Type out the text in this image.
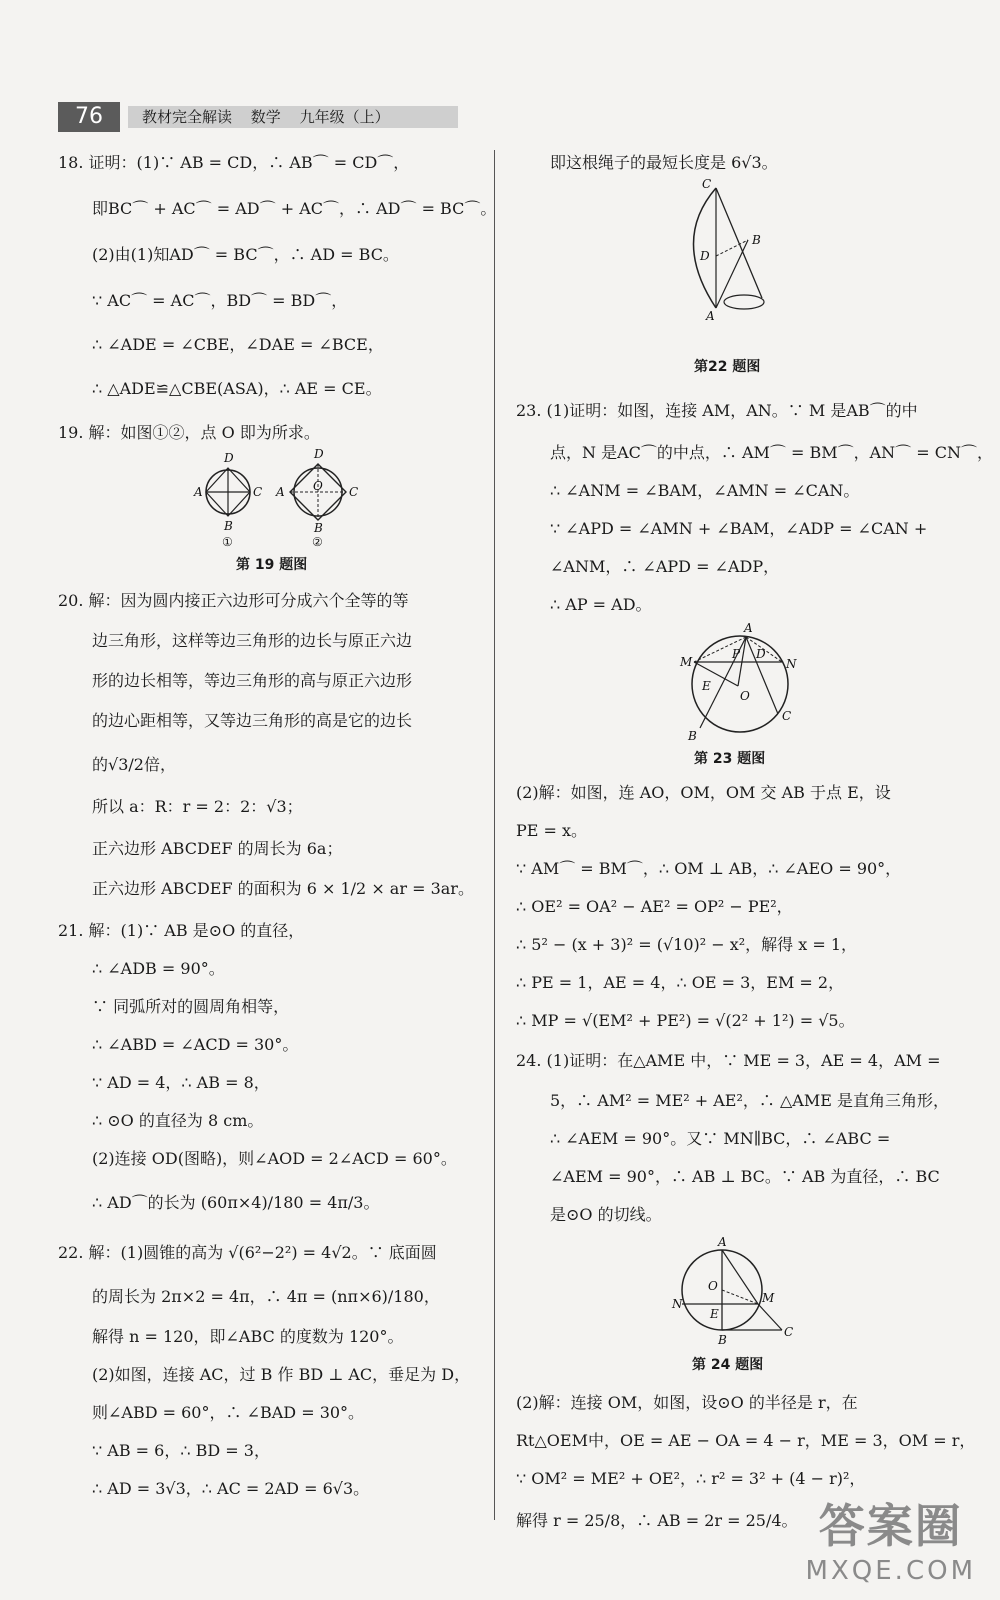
76	教材完全解读 数学 九年级（上）
18. 证明：(1)∵ AB = CD，∴ AB⌒ = CD⌒，
即BC⌒ + AC⌒ = AD⌒ + AC⌒，∴ AD⌒ = BC⌒。
(2)由(1)知AD⌒ = BC⌒，∴ AD = BC。
∵ AC⌒ = AC⌒，BD⌒ = BD⌒，
∴ ∠ADE = ∠CBE，∠DAE = ∠BCE，
∴ △ADE≌△CBE(ASA)，∴ AE = CE。
19. 解：如图①②，点 O 即为所求。
D
A	C
B
①
D
A O C
B
②
第 19 题图
20. 解：因为圆内接正六边形可分成六个全等的等
边三角形，这样等边三角形的边长与原正六边
形的边长相等，等边三角形的高与原正六边形
的边心距相等，又等边三角形的高是它的边长
的√3/2倍，
所以 a：R：r = 2：2：√3；
正六边形 ABCDEF 的周长为 6a；
正六边形 ABCDEF 的面积为 6 × 1/2 × ar = 3ar。
21. 解：(1)∵ AB 是⊙O 的直径，
∴ ∠ADB = 90°。
∵ 同弧所对的圆周角相等，
∴ ∠ABD = ∠ACD = 30°。
∵ AD = 4，∴ AB = 8，
∴ ⊙O 的直径为 8 cm。
(2)连接 OD(图略)，则∠AOD = 2∠ACD = 60°。
∴ AD⌒的长为 (60π×4)/180 = 4π/3。
22. 解：(1)圆锥的高为 √(6²−2²) = 4√2。∵ 底面圆
的周长为 2π×2 = 4π，∴ 4π = (nπ×6)/180，
解得 n = 120，即∠ABC 的度数为 120°。
(2)如图，连接 AC，过 B 作 BD ⊥ AC，垂足为 D，
则∠ABD = 60°，∴ ∠BAD = 30°。
∵ AB = 6，∴ BD = 3，
∴ AD = 3√3，∴ AC = 2AD = 6√3。
即这根绳子的最短长度是 6√3。
C
D
B
A
第22 题图
23. (1)证明：如图，连接 AM，AN。∵ M 是AB⌒的中
点，N 是AC⌒的中点，∴ AM⌒ = BM⌒，AN⌒ = CN⌒，
∴ ∠ANM = ∠BAM，∠AMN = ∠CAN。
∵ ∠APD = ∠AMN + ∠BAM，∠ADP = ∠CAN +
∠ANM，∴ ∠APD = ∠ADP，
∴ AP = AD。
A
M
P D
N
E
O
B
C
第 23 题图
(2)解：如图，连 AO，OM，OM 交 AB 于点 E，设
PE = x。
∵ AM⌒ = BM⌒，∴ OM ⊥ AB，∴ ∠AEO = 90°，
∴ OE² = OA² − AE² = OP² − PE²，
∴ 5² − (x + 3)² = (√10)² − x²，解得 x = 1，
∴ PE = 1，AE = 4，∴ OE = 3，EM = 2，
∴ MP = √(EM² + PE²) = √(2² + 1²) = √5。
24. (1)证明：在△AME 中，∵ ME = 3，AE = 4，AM =
5，∴ AM² = ME² + AE²，∴ △AME 是直角三角形，
∴ ∠AEM = 90°。又∵ MN∥BC，∴ ∠ABC =
∠AEM = 90°，∴ AB ⊥ BC。∵ AB 为直径，∴ BC
是⊙O 的切线。
A
O
M
N
E
B
C
第 24 题图
(2)解：连接 OM，如图，设⊙O 的半径是 r，在
Rt△OEM中，OE = AE − OA = 4 − r，ME = 3，OM = r，
∵ OM² = ME² + OE²，∴ r² = 3² + (4 − r)²，
解得 r = 25/8，∴ AB = 2r = 25/4。 答案圈
MXQE.COM
